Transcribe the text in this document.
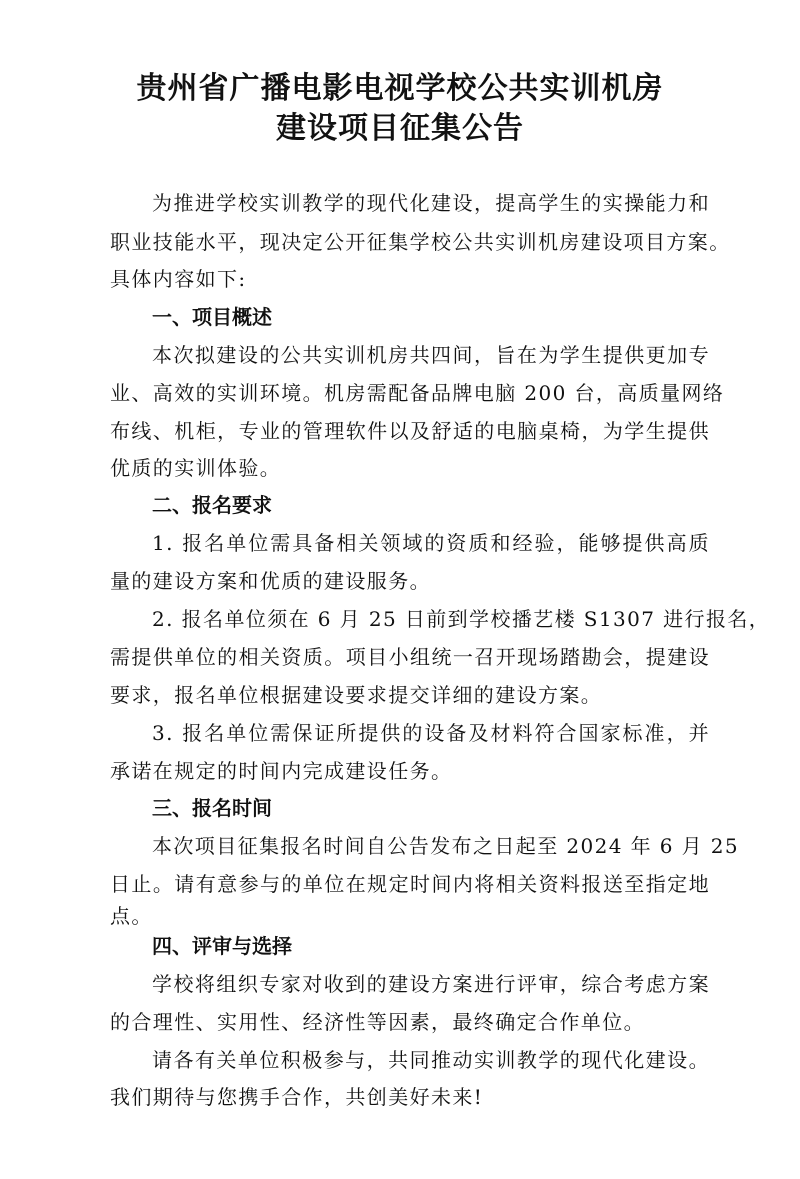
贵州省广播电影电视学校公共实训机房
建设项目征集公告

为推进学校实训教学的现代化建设，提高学生的实操能力和

职业技能水平，现决定公开征集学校公共实训机房建设项目方案。

具体内容如下:

一、项目概述

本次拟建设的公共实训机房共四间，旨在为学生提供更加专

业、高效的实训环境。机房需配备品牌电脑 200 台，高质量网络

布线、机柜，专业的管理软件以及舒适的电脑桌椅，为学生提供

优质的实训体验。

二、报名要求

1. 报名单位需具备相关领域的资质和经验，能够提供高质

量的建设方案和优质的建设服务。

2. 报名单位须在 6 月 25 日前到学校播艺楼 S1307 进行报名，

需提供单位的相关资质。项目小组统一召开现场踏勘会，提建设

要求，报名单位根据建设要求提交详细的建设方案。

3. 报名单位需保证所提供的设备及材料符合国家标准，并

承诺在规定的时间内完成建设任务。

三、报名时间

本次项目征集报名时间自公告发布之日起至 2024 年 6 月 25

日止。请有意参与的单位在规定时间内将相关资料报送至指定地

点。

四、评审与选择

学校将组织专家对收到的建设方案进行评审，综合考虑方案

的合理性、实用性、经济性等因素，最终确定合作单位。

请各有关单位积极参与，共同推动实训教学的现代化建设。

我们期待与您携手合作，共创美好未来!
